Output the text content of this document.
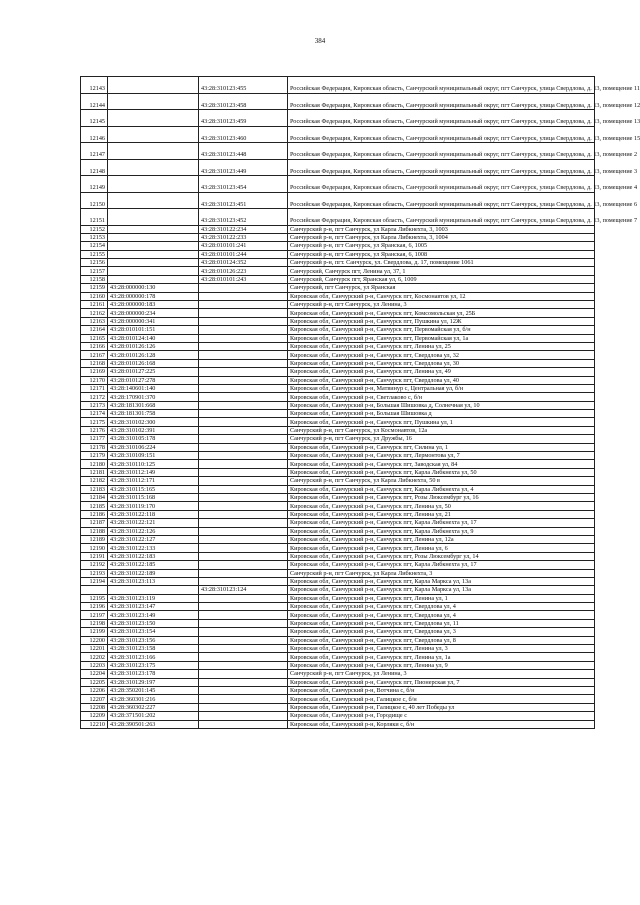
384
12143		43:28:310123:455	Российская Федерация, Кировская область, Санчурский муниципальный округ, пгт Санчурск, улица Свердлова, д. 13, помещение 11
12144		43:28:310123:458	Российская Федерация, Кировская область, Санчурский муниципальный округ, пгт Санчурск, улица Свердлова, д. 13, помещение 12
12145		43:28:310123:459	Российская Федерация, Кировская область, Санчурский муниципальный округ, пгт Санчурск, улица Свердлова, д. 13, помещение 13
12146		43:28:310123:460	Российская Федерация, Кировская область, Санчурский муниципальный округ, пгт Санчурск, улица Свердлова, д. 13, помещение 15
12147		43:28:310123:448	Российская Федерация, Кировская область, Санчурский муниципальный округ, пгт Санчурск, улица Свердлова, д. 13, помещение 2
12148		43:28:310123:449	Российская Федерация, Кировская область, Санчурский муниципальный округ, пгт Санчурск, улица Свердлова, д. 13, помещение 3
12149		43:28:310123:454	Российская Федерация, Кировская область, Санчурский муниципальный округ, пгт Санчурск, улица Свердлова, д. 13, помещение 4
12150		43:28:310123:451	Российская Федерация, Кировская область, Санчурский муниципальный округ, пгт Санчурск, улица Свердлова, д. 13, помещение 6
12151		43:28:310123:452	Российская Федерация, Кировская область, Санчурский муниципальный округ, пгт Санчурск, улица Свердлова, д. 13, помещение 7
12152		43:28:310122:234	Санчурский р-н, пгт Санчурск, ул Карла Либкнехта, 3, 1003
12153		43:28:310122:233	Санчурский р-н, пгт Санчурск, ул Карла Либкнехта, 3, 1004
12154		43:28:010101:241	Санчурский р-н, пгт Санчурск, ул Яранская, 6, 1005
12155		43:28:010101:244	Санчурский р-н, пгт Санчурск, ул Яранская, 6, 1008
12156		43:28:010124:352	Санчурский р-н, пгт. Санчурск, ул. Свердлова, д. 17, помещение 1061
12157		43:28:010126:223	Санчурский, Санчурск пгт, Ленина ул, 37, 1
12158		43:28:010101:243	Санчурский, Санчурск пгт, Яранская ул, 6, 1009
12159	43:28:000000:130		Санчурский, пгт Санчурск, ул Яранская
12160	43:28:000000:178		Кировская обл, Санчурский р-н, Санчурск пгт, Космонавтов ул, 12
12161	43:28:000000:183		Санчурский р-н, пгт Санчурск, ул Ленина, 3
12162	43:28:000000:234		Кировская обл, Санчурский р-н, Санчурск пгт, Комсомольская ул, 25Б
12163	43:28:000000:341		Кировская обл, Санчурский р-н, Санчурск пгт, Пушкина ул, 12Ж
12164	43:28:010101:151		Кировская обл, Санчурский р-н, Санчурск пгт, Первомайская ул, б/н
12165	43:28:010124:140		Кировская обл, Санчурский р-н, Санчурск пгт, Первомайская ул, 1а
12166	43:28:010126:126		Кировская обл, Санчурский р-н, Санчурск пгт, Ленина ул, 25
12167	43:28:010126:128		Кировская обл, Санчурский р-н, Санчурск пгт, Свердлова ул, 32
12168	43:28:010126:168		Кировская обл, Санчурский р-н, Санчурск пгт, Свердлова ул, 30
12169	43:28:010127:225		Кировская обл, Санчурский р-н, Санчурск пгт, Ленина ул, 49
12170	43:28:010127:278		Кировская обл, Санчурский р-н, Санчурск пгт, Свердлова ул, 40
12171	43:28:140601:140		Кировская обл, Санчурский р-н, Матвинур с, Центральная ул, б/н
12172	43:28:170901:370		Кировская обл, Санчурский р-н, Светлаково с, б/н
12173	43:28:181301:668		Кировская обл, Санчурский р-н, Большая Шишовка д, Солнечная ул, 10
12174	43:28:181301:758		Кировская обл, Санчурский р-н, Большая Шишовка д
12175	43:28:310102:300		Кировская обл, Санчурский р-н, Санчурск пгт, Пушкина ул, 1
12176	43:28:310102:391		Санчурский р-н, пгт Санчурск, ул Космонавтов, 12а
12177	43:28:310105:178		Санчурский р-н, пгт Санчурск, ул Дружбы, 16
12178	43:28:310106:224		Кировская обл, Санчурский р-н, Санчурск пгт, Силина ул, 1
12179	43:28:310109:151		Кировская обл, Санчурский р-н, Санчурск пгт, Лермонтова ул, 7
12180	43:28:310110:125		Кировская обл, Санчурский р-н, Санчурск пгт, Заводская ул, 84
12181	43:28:310112:149		Кировская обл, Санчурский р-н, Санчурск пгт, Карла Либкнехта ул, 50
12182	43:28:310112:171		Санчурский р-н, пгт Санчурск, ул Карла Либкнехта, 50 в
12183	43:28:310115:165		Кировская обл, Санчурский р-н, Санчурск пгт, Карла Либкнехта ул, 4
12184	43:28:310115:168		Кировская обл, Санчурский р-н, Санчурск пгт, Розы Люксембург ул, 16
12185	43:28:310119:170		Кировская обл, Санчурский р-н, Санчурск пгт, Ленина ул, 50
12186	43:28:310122:118		Кировская обл, Санчурский р-н, Санчурск пгт, Ленина ул, 21
12187	43:28:310122:121		Кировская обл, Санчурский р-н, Санчурск пгт, Карла Либкнехта ул, 17
12188	43:28:310122:126		Кировская обл, Санчурский р-н, Санчурск пгт, Карла Либкнехта ул, 9
12189	43:28:310122:127		Кировская обл, Санчурский р-н, Санчурск пгт, Ленина ул, 12а
12190	43:28:310122:133		Кировская обл, Санчурский р-н, Санчурск пгт, Ленина ул, 6
12191	43:28:310122:183		Кировская обл, Санчурский р-н, Санчурск пгт, Розы Люксембург ул, 14
12192	43:28:310122:185		Кировская обл, Санчурский р-н, Санчурск пгт, Карла Либкнехта ул, 17
12193	43:28:310122:189		Санчурский р-н, пгт Санчурск, ул Карла Либкнехта, 3
12194	43:28:310123:113		Кировская обл, Санчурский р-н, Санчурск пгт, Карла Маркса ул, 13а
		43:28:310123:124	Кировская обл, Санчурский р-н, Санчурск пгт, Карла Маркса ул, 13а
12195	43:28:310123:119		Кировская обл, Санчурский р-н, Санчурск пгт, Ленина ул, 1
12196	43:28:310123:147		Кировская обл, Санчурский р-н, Санчурск пгт, Свердлова ул, 4
12197	43:28:310123:149		Кировская обл, Санчурский р-н, Санчурск пгт, Свердлова ул, 4
12198	43:28:310123:150		Кировская обл, Санчурский р-н, Санчурск пгт, Свердлова ул, 11
12199	43:28:310123:154		Кировская обл, Санчурский р-н, Санчурск пгт, Свердлова ул, 3
12200	43:28:310123:156		Кировская обл, Санчурский р-н, Санчурск пгт, Свердлова ул, 8
12201	43:28:310123:158		Кировская обл, Санчурский р-н, Санчурск пгт, Ленина ул, 3
12202	43:28:310123:166		Кировская обл, Санчурский р-н, Санчурск пгт, Ленина ул, 1а
12203	43:28:310123:175		Кировская обл, Санчурский р-н, Санчурск пгт, Ленина ул, 9
12204	43:28:310123:178		Санчурский р-н, пгт Санчурск, ул Ленина, 3
12205	43:28:310129:197		Кировская обл, Санчурский р-н, Санчурск пгт, Пионерская ул, 7
12206	43:28:350201:145		Кировская обл, Санчурский р-н, Вотчина с, б/н
12207	43:28:360301:216		Кировская обл, Санчурский р-н, Галицкое с, б/н
12208	43:28:360302:227		Кировская обл, Санчурский р-н, Галицкое с, 40 лет Победы ул
12209	43:28:371501:202		Кировская обл, Санчурский р-н, Городище с
12210	43:28:390501:263		Кировская обл, Санчурский р-н, Корляки с, б/н
